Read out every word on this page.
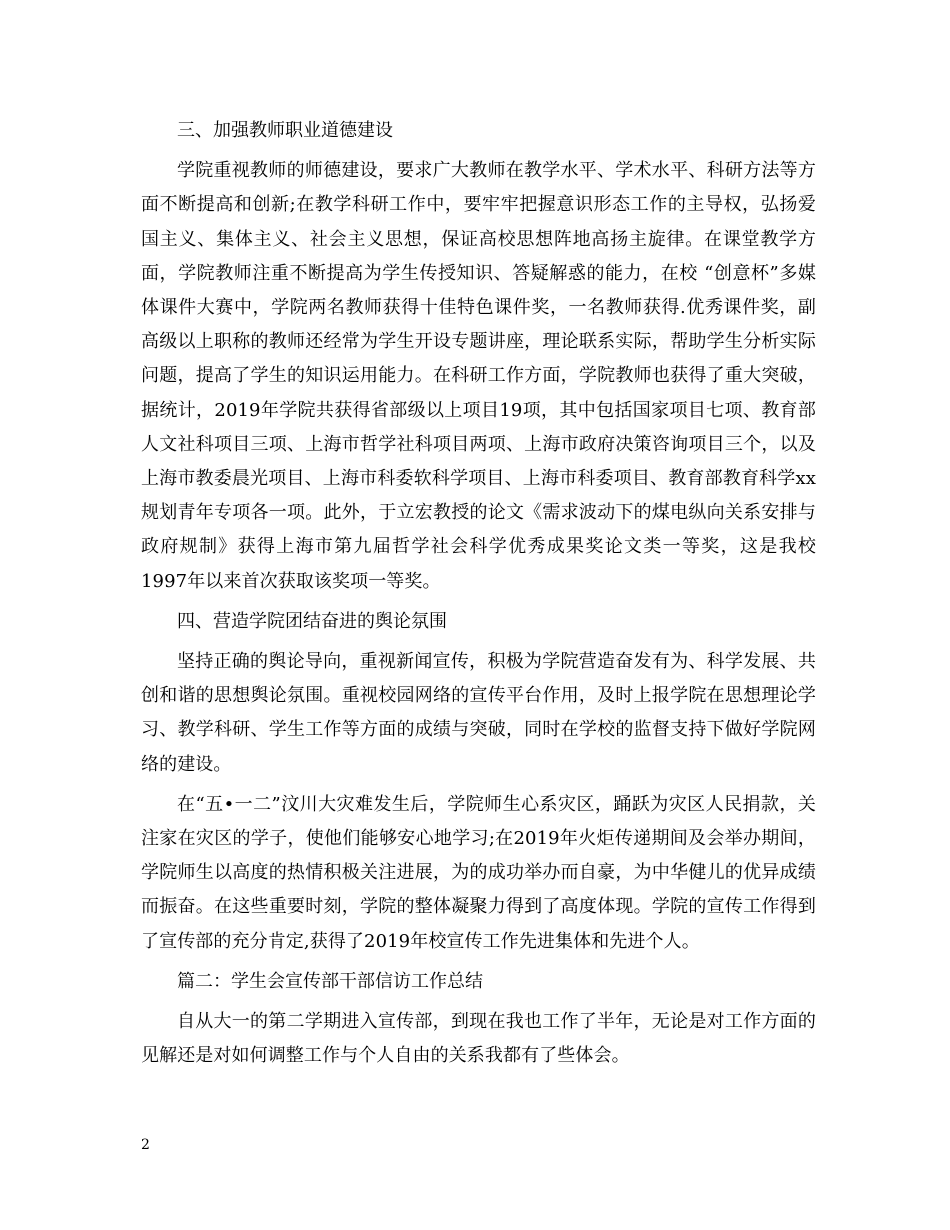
三、加强教师职业道德建设

学院重视教师的师德建设，要求广大教师在教学水平、学术水平、科研方法等方面不断提高和创新;在教学科研工作中，要牢牢把握意识形态工作的主导权，弘扬爱国主义、集体主义、社会主义思想，保证高校思想阵地高扬主旋律。在课堂教学方面，学院教师注重不断提高为学生传授知识、答疑解惑的能力，在校 “创意杯”多媒体课件大赛中，学院两名教师获得十佳特色课件奖，一名教师获得.优秀课件奖，副高级以上职称的教师还经常为学生开设专题讲座，理论联系实际，帮助学生分析实际问题，提高了学生的知识运用能力。在科研工作方面，学院教师也获得了重大突破， 据统计，2019年学院共获得省部级以上项目19项，其中包括国家项目七项、教育部人文社科项目三项、上海市哲学社科项目两项、上海市政府决策咨询项目三个，以及上海市教委晨光项目、上海市科委软科学项目、上海市科委项目、教育部教育科学xx规划青年专项各一项。此外，于立宏教授的论文《需求波动下的煤电纵向关系安排与政府规制》获得上海市第九届哲学社会科学优秀成果奖论文类一等奖，这是我校1997年以来首次获取该奖项一等奖。

四、营造学院团结奋进的舆论氛围

坚持正确的舆论导向，重视新闻宣传，积极为学院营造奋发有为、科学发展、共创和谐的思想舆论氛围。重视校园网络的宣传平台作用，及时上报学院在思想理论学习、教学科研、学生工作等方面的成绩与突破，同时在学校的监督支持下做好学院网络的建设。

在“五•一二”汶川大灾难发生后，学院师生心系灾区，踊跃为灾区人民捐款，关注家在灾区的学子，使他们能够安心地学习;在2019年火炬传递期间及会举办期间，学院师生以高度的热情积极关注进展，为的成功举办而自豪，为中华健儿的优异成绩而振奋。在这些重要时刻，学院的整体凝聚力得到了高度体现。学院的宣传工作得到了宣传部的充分肯定,获得了2019年校宣传工作先进集体和先进个人。

篇二：学生会宣传部干部信访工作总结

自从大一的第二学期进入宣传部，到现在我也工作了半年，无论是对工作方面的见解还是对如何调整工作与个人自由的关系我都有了些体会。

2
